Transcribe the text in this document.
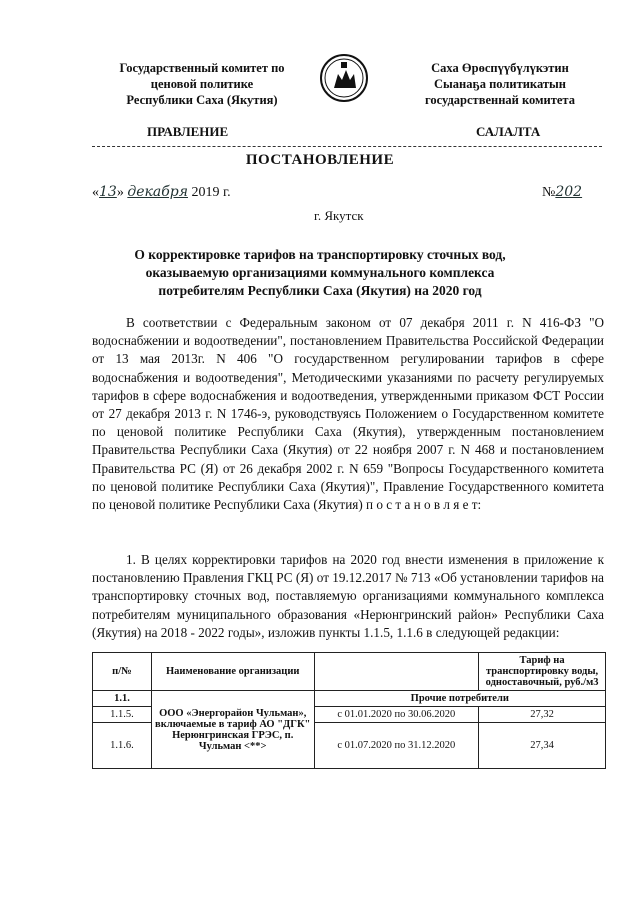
Государственный комитет по
ценовой политике
Республики Саха (Якутия)
Саха Өрөспүүбүлүкэтин
Сыанаҕа политикатын
государственнай комитета
ПРАВЛЕНИЕ	САЛАЛТА
ПОСТАНОВЛЕНИЕ
«13» декабря 2019 г.	№202
г. Якутск
О корректировке тарифов на транспортировку сточных вод,
оказываемую организациями коммунального комплекса
потребителям Республики Саха (Якутия) на 2020 год
В соответствии с Федеральным законом от 07 декабря 2011 г. N 416-ФЗ "О водоснабжении и водоотведении", постановлением Правительства Российской Федерации от 13 мая 2013г. N 406 "О государственном регулировании тарифов в сфере водоснабжения и водоотведения", Методическими указаниями по расчету регулируемых тарифов в сфере водоснабжения и водоотведения, утвержденными приказом ФСТ России от 27 декабря 2013 г. N 1746-э, руководствуясь Положением о Государственном комитете по ценовой политике Республики Саха (Якутия), утвержденным постановлением Правительства Республики Саха (Якутия) от 22 ноября 2007 г. N 468 и постановлением Правительства РС (Я) от 26 декабря 2002 г. N 659 "Вопросы Государственного комитета по ценовой политике Республики Саха (Якутия)", Правление Государственного комитета по ценовой политике Республики Саха (Якутия) п о с т а н о в л я е т:
1. В целях корректировки тарифов на 2020 год внести изменения в приложение к постановлению Правления ГКЦ РС (Я) от 19.12.2017 № 713 «Об установлении тарифов на транспортировку сточных вод, поставляемую организациями коммунального комплекса потребителям муниципального образования «Нерюнгринский район» Республики Саха (Якутия) на 2018 - 2022 годы», изложив пункты 1.1.5, 1.1.6 в следующей редакции:
п/№	Наименование организации		Тариф на транспортировку воды, одноставочный, руб./м3
1.1.	ООО «Энергорайон Чульман», включаемые в тариф АО "ДГК" Нерюнгринская ГРЭС, п. Чульман <**>	Прочие потребители	
1.1.5.		с 01.01.2020 по 30.06.2020	27,32
1.1.6.		с 01.07.2020 по 31.12.2020	27,34
